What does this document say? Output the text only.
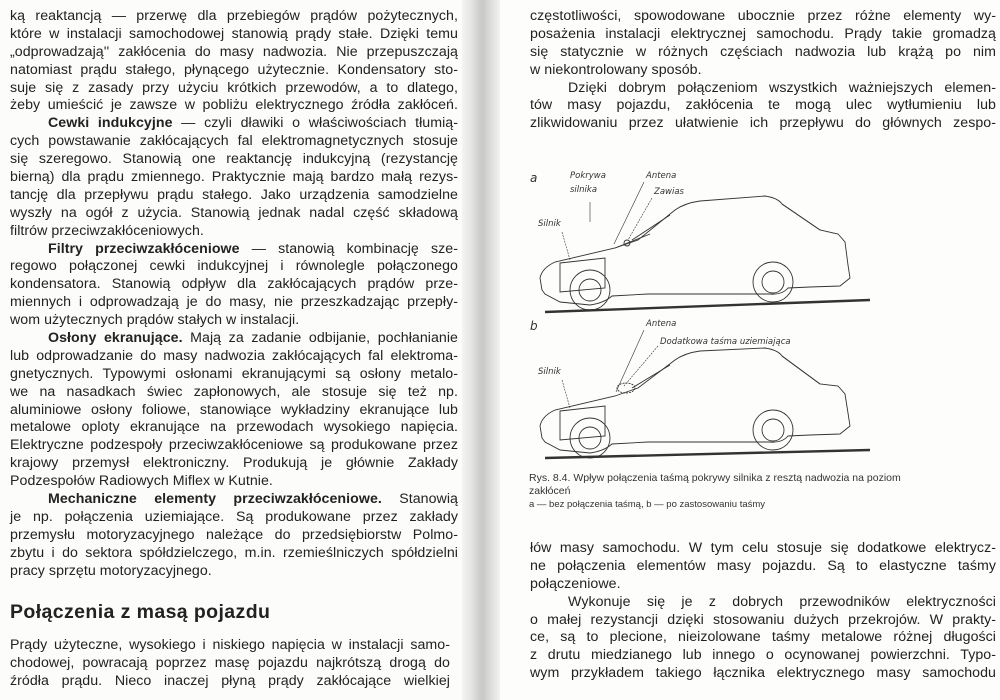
ką reaktancją — przerwę dla przebiegów prądów pożytecznych,
które w instalacji samochodowej stanowią prądy stałe. Dzięki temu
„odprowadzają'' zakłócenia do masy nadwozia. Nie przepuszczają
natomiast prądu stałego, płynącego użytecznie. Kondensatory sto-
suje się z zasady przy użyciu krótkich przewodów, a to dlatego,
żeby umieścić je zawsze w pobliżu elektrycznego źródła zakłóceń.
Cewki indukcyjne — czyli dławiki o właściwościach tłumią-
cych powstawanie zakłócających fal elektromagnetycznych stosuje
się szeregowo. Stanowią one reaktancję indukcyjną (rezystancję
bierną) dla prądu zmiennego. Praktycznie mają bardzo małą rezys-
tancję dla przepływu prądu stałego. Jako urządzenia samodzielne
wyszły na ogół z użycia. Stanowią jednak nadal część składową
filtrów przeciwzakłóceniowych.
Filtry przeciwzakłóceniowe — stanowią kombinację sze-
regowo połączonej cewki indukcyjnej i równolegle połączonego
kondensatora. Stanowią odpływ dla zakłócających prądów prze-
miennych i odprowadzają je do masy, nie przeszkadzając przepły-
wom użytecznych prądów stałych w instalacji.
Osłony ekranujące. Mają za zadanie odbijanie, pochłanianie
lub odprowadzanie do masy nadwozia zakłócających fal elektroma-
gnetycznych. Typowymi osłonami ekranującymi są osłony metalo-
we na nasadkach świec zapłonowych, ale stosuje się też np.
aluminiowe osłony foliowe, stanowiące wykładziny ekranujące lub
metalowe oploty ekranujące na przewodach wysokiego napięcia.
Elektryczne podzespoły przeciwzakłóceniowe są produkowane przez
krajowy przemysł elektroniczny. Produkują je głównie Zakłady
Podzespołów Radiowych Miflex w Kutnie.
Mechaniczne elementy przeciwzakłóceniowe. Stanowią
je np. połączenia uziemiające. Są produkowane przez zakłady
przemysłu motoryzacyjnego należące do przedsiębiorstw Polmo-
zbytu i do sektora spółdzielczego, m.in. rzemieślniczych spółdzielni
pracy sprzętu motoryzacyjnego.
Połączenia z masą pojazdu
Prądy użyteczne, wysokiego i niskiego napięcia w instalacji samo-
chodowej, powracają poprzez masę pojazdu najkrótszą drogą do
źródła prądu. Nieco inaczej płyną prądy zakłócające wielkiej
częstotliwości, spowodowane ubocznie przez różne elementy wy-
posażenia instalacji elektrycznej samochodu. Prądy takie gromadzą
się statycznie w różnych częściach nadwozia lub krążą po nim
w niekontrolowany sposób.
Dzięki dobrym połączeniom wszystkich ważniejszych elemen-
tów masy pojazdu, zakłócenia te mogą ulec wytłumieniu lub
zlikwidowaniu przez ułatwienie ich przepływu do głównych zespo-
a	Pokrywa
silnika
Antena
Zawias
Silnik
b	Antena
Dodatkowa taśma uziemiająca
Silnik
Rys. 8.4. Wpływ połączenia taśmą pokrywy silnika z resztą nadwozia na poziom
zakłóceń
a — bez połączenia taśmą, b — po zastosowaniu taśmy
łów masy samochodu. W tym celu stosuje się dodatkowe elektrycz-
ne połączenia elementów masy pojazdu. Są to elastyczne taśmy
połączeniowe.
Wykonuje się je z dobrych przewodników elektryczności
o małej rezystancji dzięki stosowaniu dużych przekrojów. W prakty-
ce, są to plecione, nieizolowane taśmy metalowe różnej długości
z drutu miedzianego lub innego o ocynowanej powierzchni. Typo-
wym przykładem takiego łącznika elektrycznego masy samochodu
